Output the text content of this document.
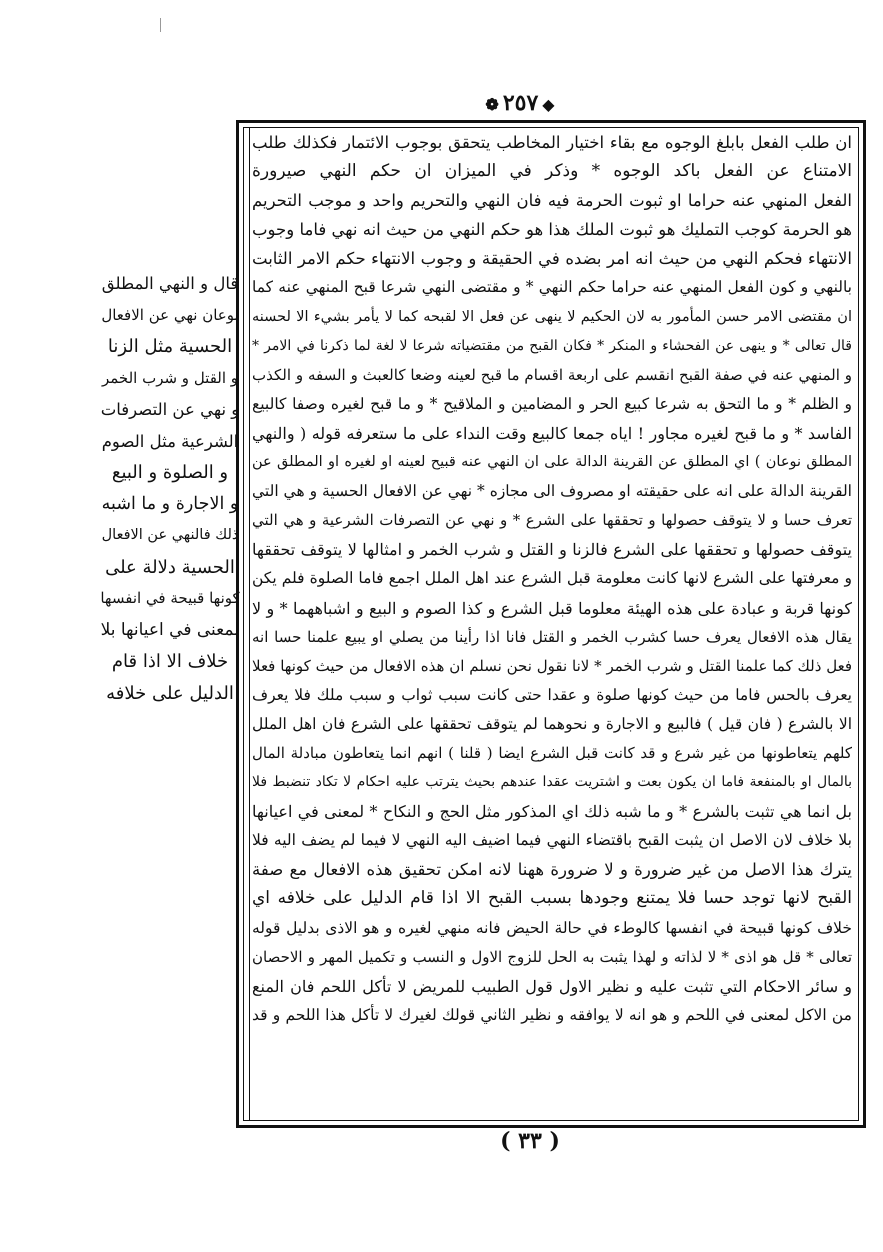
◆٢٥٧❁
ان طلب الفعل بابلغ الوجوه مع بقاء اختيار المخاطب يتحقق بوجوب الائتمار فكذلك طلب
الامتناع عن الفعل باكد الوجوه * وذكر في الميزان ان حكم النهي صيرورة
الفعل المنهي عنه حراما او ثبوت الحرمة فيه فان النهي والتحريم واحد و موجب التحريم
هو الحرمة كوجب التمليك هو ثبوت الملك هذا هو حكم النهي من حيث انه نهي فاما وجوب
الانتهاء فحكم النهي من حيث انه امر بضده في الحقيقة و وجوب الانتهاء حكم الامر الثابت
بالنهي و كون الفعل المنهي عنه حراما حكم النهي * و مقتضى النهي شرعا قبح المنهي عنه كما
ان مقتضى الامر حسن المأمور به لان الحكيم لا ينهى عن فعل الا لقبحه كما لا يأمر بشيء الا لحسنه
قال تعالى * و ينهى عن الفحشاء و المنكر * فكان القبح من مقتضياته شرعا لا لغة لما ذكرنا في الامر *
و المنهي عنه في صفة القبح انقسم على اربعة اقسام ما قبح لعينه وضعا كالعبث و السفه و الكذب
و الظلم * و ما التحق به شرعا كبيع الحر و المضامين و الملاقيح * و ما قبح لغيره وصفا كالبيع
الفاسد * و ما قبح لغيره مجاور ! اياه جمعا كالبيع وقت النداء على ما ستعرفه قوله ( والنهي
المطلق نوعان ) اي المطلق عن القرينة الدالة على ان النهي عنه قبيح لعينه او لغيره او المطلق عن
القرينة الدالة على انه على حقيقته او مصروف الى مجازه * نهي عن الافعال الحسية و هي التي
تعرف حسا و لا يتوقف حصولها و تحققها على الشرع * و نهي عن التصرفات الشرعية و هي التي
يتوقف حصولها و تحققها على الشرع فالزنا و القتل و شرب الخمر و امثالها لا يتوقف تحققها
و معرفتها على الشرع لانها كانت معلومة قبل الشرع عند اهل الملل اجمع فاما الصلوة فلم يكن
كونها قربة و عبادة على هذه الهيئة معلوما قبل الشرع و كذا الصوم و البيع و اشباههما * و لا
يقال هذه الافعال يعرف حسا كشرب الخمر و القتل فانا اذا رأينا من يصلي او يبيع علمنا حسا انه
فعل ذلك كما علمنا القتل و شرب الخمر * لانا نقول نحن نسلم ان هذه الافعال من حيث كونها فعلا
يعرف بالحس فاما من حيث كونها صلوة و عقدا حتى كانت سبب ثواب و سبب ملك فلا يعرف
الا بالشرع ( فان قيل ) فالبيع و الاجارة و نحوهما لم يتوقف تحققها على الشرع فان اهل الملل
كلهم يتعاطونها من غير شرع و قد كانت قبل الشرع ايضا ( قلنا ) انهم انما يتعاطون مبادلة المال
بالمال او بالمنفعة فاما ان يكون بعت و اشتريت عقدا عندهم بحيث يترتب عليه احكام لا تكاد تنضبط فلا
بل انما هي تثبت بالشرع * و ما شبه ذلك اي المذكور مثل الحج و النكاح * لمعنى في اعيانها
بلا خلاف لان الاصل ان يثبت القبح باقتضاء النهي فيما اضيف اليه النهي لا فيما لم يضف اليه فلا
يترك هذا الاصل من غير ضرورة و لا ضرورة ههنا لانه امكن تحقيق هذه الافعال مع صفة
القبح لانها توجد حسا فلا يمتنع وجودها بسبب القبح الا اذا قام الدليل على خلافه اي
خلاف كونها قبيحة في انفسها كالوطء في حالة الحيض فانه منهي لغيره و هو الاذى بدليل قوله
تعالى * قل هو اذى * لا لذاته و لهذا يثبت به الحل للزوج الاول و النسب و تكميل المهر و الاحصان
و سائر الاحكام التي تثبت عليه و نظير الاول قول الطبيب للمريض لا تأكل اللحم فان المنع
من الاكل لمعنى في اللحم و هو انه لا يوافقه و نظير الثاني قولك لغيرك لا تأكل هذا اللحم و قد
قال و النهي المطلق
نوعان نهي عن الافعال
الحسية مثل الزنا
و القتل و شرب الخمر
و نهي عن التصرفات
الشرعية مثل الصوم
و الصلوة و البيع
و الاجارة و ما اشبه
ذلك فالنهي عن الافعال
الحسية دلالة على
كونها قبيحة في انفسها
لمعنى في اعيانها بلا
خلاف الا اذا قام
الدليل على خلافه
( ٣٣ )
